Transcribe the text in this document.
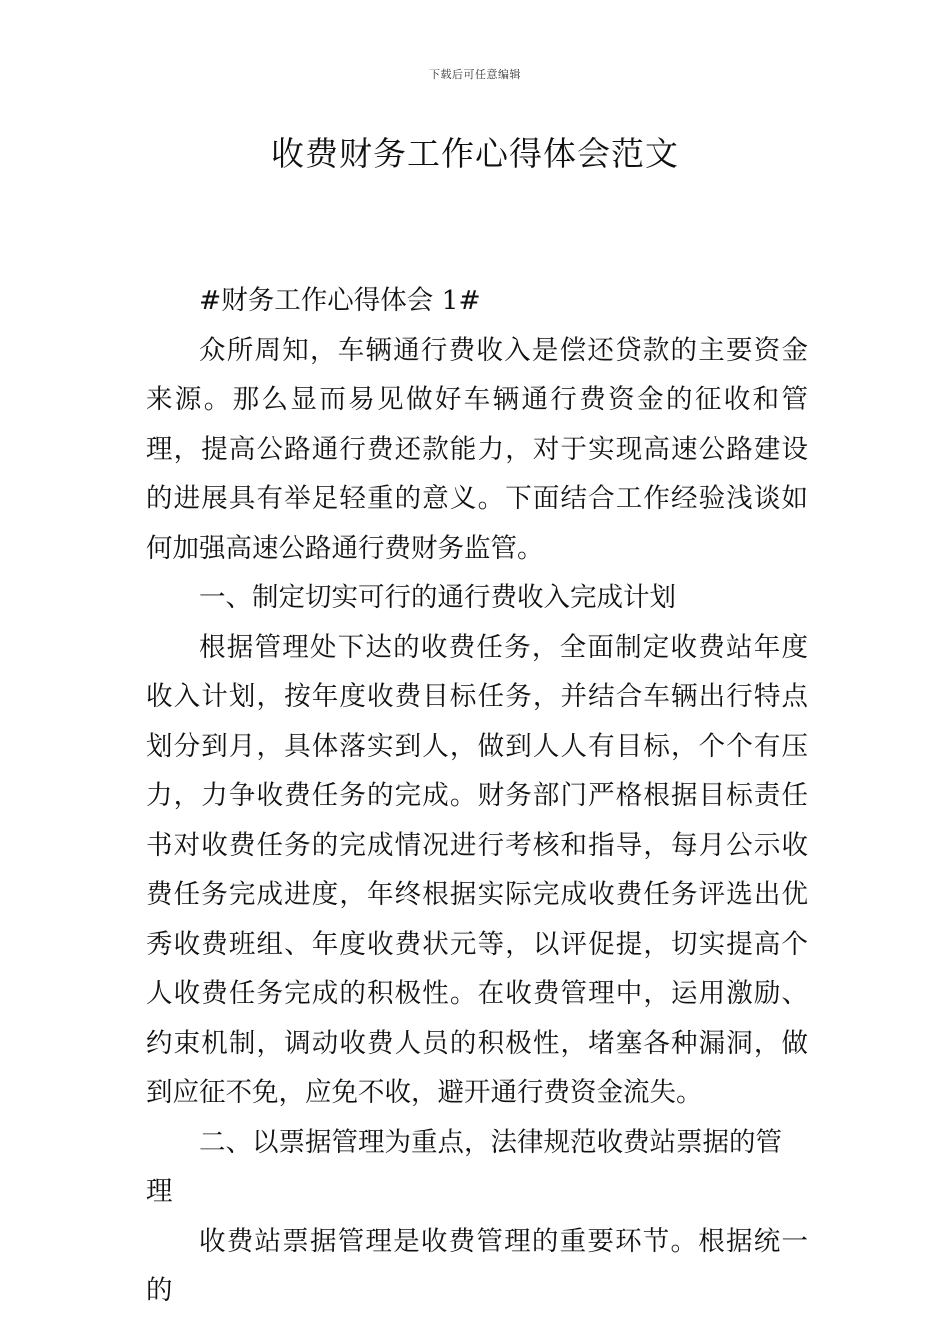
下载后可任意编辑
收费财务工作心得体会范文

#财务工作心得体会 1#

众所周知，车辆通行费收入是偿还贷款的主要资金来源。那么显而易见做好车辆通行费资金的征收和管理，提高公路通行费还款能力，对于实现高速公路建设的进展具有举足轻重的意义。下面结合工作经验浅谈如何加强高速公路通行费财务监管。

一、制定切实可行的通行费收入完成计划

根据管理处下达的收费任务，全面制定收费站年度收入计划，按年度收费目标任务，并结合车辆出行特点划分到月，具体落实到人，做到人人有目标，个个有压力，力争收费任务的完成。财务部门严格根据目标责任书对收费任务的完成情况进行考核和指导，每月公示收费任务完成进度，年终根据实际完成收费任务评选出优秀收费班组、年度收费状元等，以评促提，切实提高个人收费任务完成的积极性。在收费管理中，运用激励、约束机制，调动收费人员的积极性，堵塞各种漏洞，做到应征不免，应免不收，避开通行费资金流失。

二、以票据管理为重点，法律规范收费站票据的管理

收费站票据管理是收费管理的重要环节。根据统一的
